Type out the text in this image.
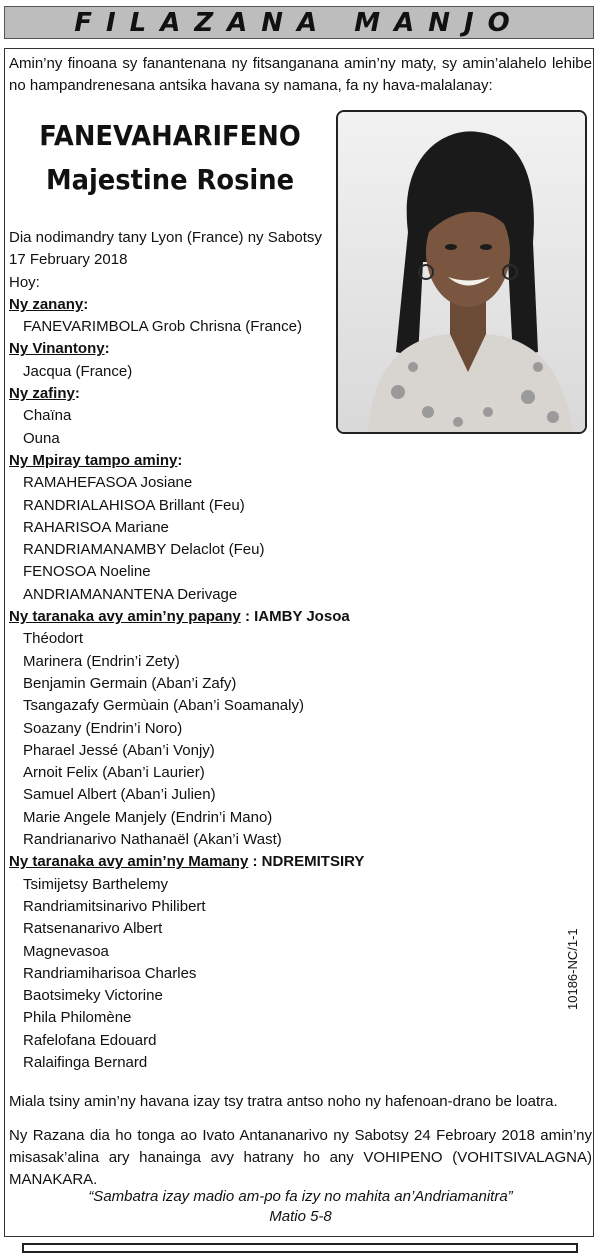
FILAZANA MANJO
Amin’ny finoana sy fanantenana ny fitsanganana amin’ny maty, sy amin’alahelo lehibe no hampandrenesana antsika havana sy namana, fa ny hava-malalanay:
FANEVAHARIFENO
Majestine Rosine
Dia nodimandry tany Lyon (France) ny Sabotsy
17 February 2018
Hoy:
Ny zanany:
FANEVARIMBOLA Grob Chrisna (France)
Ny Vinantony:
Jacqua (France)
Ny zafiny:
Chaïna
Ouna
Ny Mpiray tampo aminy:
RAMAHEFASOA Josiane
RANDRIALAHISOA Brillant (Feu)
RAHARISOA Mariane
RANDRIAMANAMBY Delaclot (Feu)
FENOSOA Noeline
ANDRIAMANANTENA Derivage
Ny taranaka avy amin’ny papany : IAMBY Josoa
Théodort
Marinera (Endrin’i Zety)
Benjamin Germain (Aban’i Zafy)
Tsangazafy Germùain (Aban’i Soamanaly)
Soazany (Endrin’i Noro)
Pharael Jessé (Aban’i Vonjy)
Arnoit Felix (Aban’i Laurier)
Samuel Albert (Aban’i Julien)
Marie Angele Manjely (Endrin’i Mano)
Randrianarivo Nathanaël (Akan’i Wast)
Ny taranaka avy amin’ny Mamany : NDREMITSIRY
Tsimijetsy Barthelemy
Randriamitsinarivo Philibert
Ratsenanarivo Albert
Magnevasoa
Randriamiharisoa Charles
Baotsimeky Victorine
Phila Philomène
Rafelofana Edouard
Ralaifinga Bernard
10186-NC/1-1
Miala tsiny amin’ny havana izay tsy tratra antso noho ny hafenoan-drano be loatra.
Ny Razana dia ho tonga ao Ivato Antananarivo ny Sabotsy 24 Febroary 2018 amin’ny misasak’alina ary hanainga avy hatrany ho any VOHIPENO (VOHITSIVALAGNA) MANAKARA.
“Sambatra izay madio am-po fa izy no mahita an’Andriamanitra”
Matio 5-8
